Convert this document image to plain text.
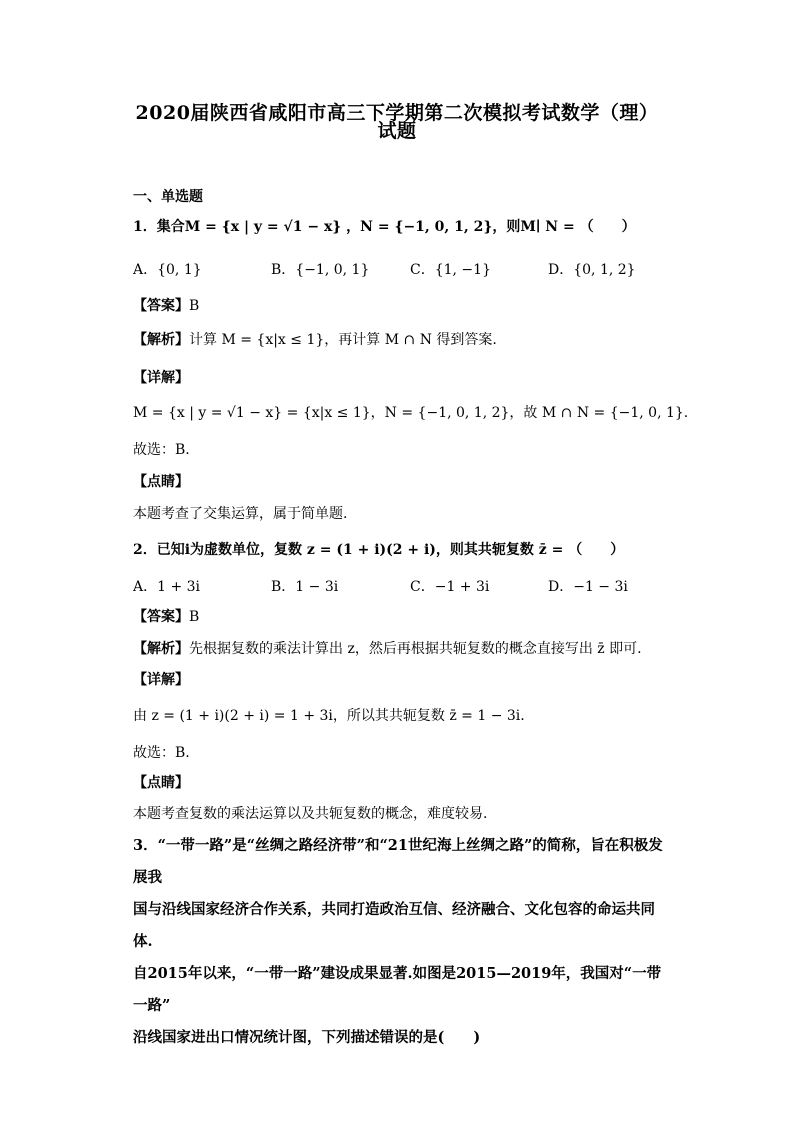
2020届陕西省咸阳市高三下学期第二次模拟考试数学（理）
试题
一、单选题
1．集合M = {x | y = √1 − x} ，N = {−1, 0, 1, 2}，则M∣ N = （　　）
A．{0, 1}	B．{−1, 0, 1}	C．{1, −1}	D．{0, 1, 2}
【答案】B
【解析】计算 M = {x|x ≤ 1}，再计算 M ∩ N 得到答案.
【详解】
M = {x | y = √1 − x} = {x|x ≤ 1}，N = {−1, 0, 1, 2}，故 M ∩ N = {−1, 0, 1}.
故选：B.
【点睛】
本题考查了交集运算，属于简单题.
2．已知i为虚数单位，复数 z = (1 + i)(2 + i)，则其共轭复数 z̄ = （　　）
A．1 + 3i	B．1 − 3i	C．−1 + 3i	D．−1 − 3i
【答案】B
【解析】先根据复数的乘法计算出 z，然后再根据共轭复数的概念直接写出 z̄ 即可.
【详解】
由 z = (1 + i)(2 + i) = 1 + 3i，所以其共轭复数 z̄ = 1 − 3i.
故选：B.
【点睛】
本题考查复数的乘法运算以及共轭复数的概念，难度较易.
3．“一带一路”是“丝绸之路经济带”和“21世纪海上丝绸之路”的简称，旨在积极发展我
国与沿线国家经济合作关系，共同打造政治互信、经济融合、文化包容的命运共同体.
自2015年以来，“一带一路”建设成果显著.如图是2015—2019年，我国对“一带一路”
沿线国家进出口情况统计图，下列描述错误的是(　　)
